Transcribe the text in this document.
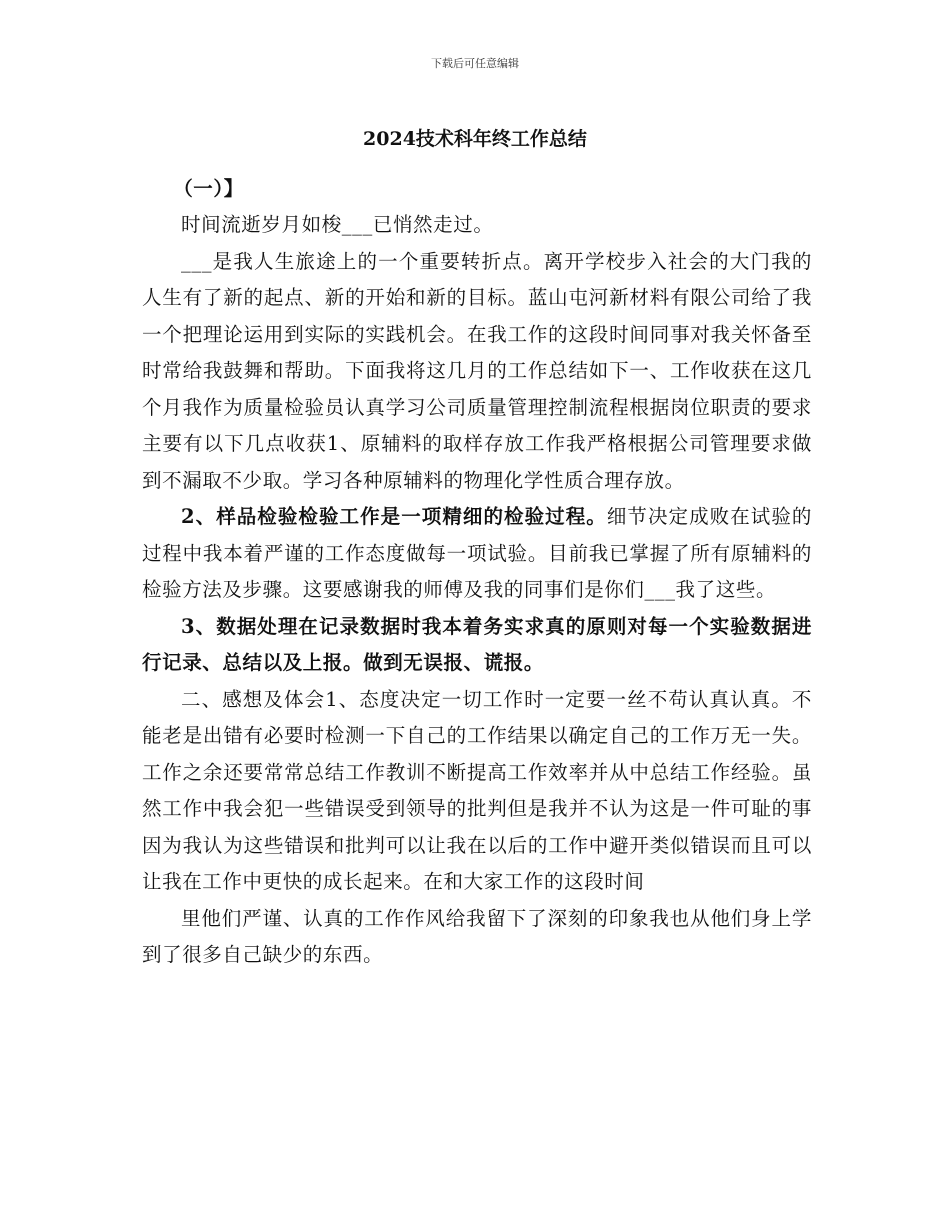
下载后可任意编辑
2024技术科年终工作总结

（一）】

时间流逝岁月如梭___已悄然走过。

___是我人生旅途上的一个重要转折点。离开学校步入社会的大门我的人生有了新的起点、新的开始和新的目标。蓝山屯河新材料有限公司给了我一个把理论运用到实际的实践机会。在我工作的这段时间同事对我关怀备至时常给我鼓舞和帮助。下面我将这几月的工作总结如下一、工作收获在这几个月我作为质量检验员认真学习公司质量管理控制流程根据岗位职责的要求主要有以下几点收获1、原辅料的取样存放工作我严格根据公司管理要求做到不漏取不少取。学习各种原辅料的物理化学性质合理存放。

2、样品检验检验工作是一项精细的检验过程。细节决定成败在试验的过程中我本着严谨的工作态度做每一项试验。目前我已掌握了所有原辅料的检验方法及步骤。这要感谢我的师傅及我的同事们是你们___我了这些。

3、数据处理在记录数据时我本着务实求真的原则对每一个实验数据进行记录、总结以及上报。做到无误报、谎报。

二、感想及体会1、态度决定一切工作时一定要一丝不苟认真认真。不能老是出错有必要时检测一下自己的工作结果以确定自己的工作万无一失。工作之余还要常常总结工作教训不断提高工作效率并从中总结工作经验。虽然工作中我会犯一些错误受到领导的批判但是我并不认为这是一件可耻的事因为我认为这些错误和批判可以让我在以后的工作中避开类似错误而且可以让我在工作中更快的成长起来。在和大家工作的这段时间

里他们严谨、认真的工作作风给我留下了深刻的印象我也从他们身上学到了很多自己缺少的东西。
